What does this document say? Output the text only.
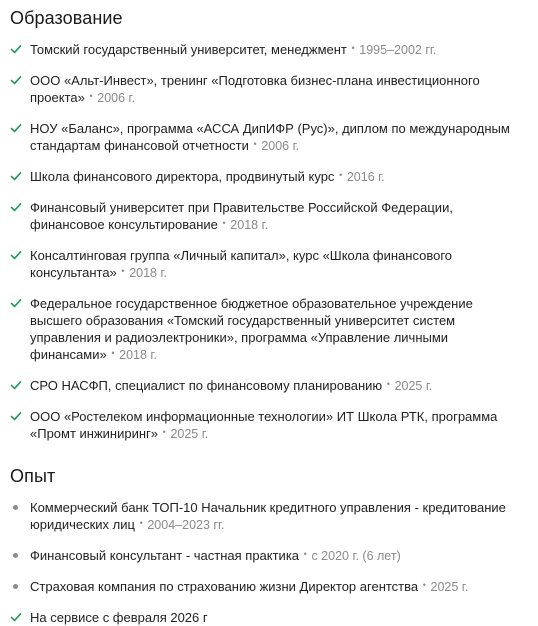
Образование
Томский государственный университет, менеджмент • 1995–2002 гг.
ООО «Альт-Инвест», тренинг «Подготовка бизнес-плана инвестиционного проекта» • 2006 г.
НОУ «Баланс», программа «АССА ДипИФР (Рус)», диплом по международным стандартам финансовой отчетности • 2006 г.
Школа финансового директора, продвинутый курс • 2016 г.
Финансовый университет при Правительстве Российской Федерации, финансовое консультирование • 2018 г.
Консалтинговая группа «Личный капитал», курс «Школа финансового консультанта» • 2018 г.
Федеральное государственное бюджетное образовательное учреждение высшего образования «Томский государственный университет систем управления и радиоэлектроники», программа «Управление личными финансами» • 2018 г.
СРО НАСФП, специалист по финансовому планированию • 2025 г.
ООО «Ростелеком информационные технологии» ИТ Школа РТК, программа «Промт инжиниринг» • 2025 г.
Опыт
Коммерческий банк ТОП-10 Начальник кредитного управления - кредитование юридических лиц • 2004–2023 гг.
Финансовый консультант - частная практика • с 2020 г. (6 лет)
Страховая компания по страхованию жизни Директор агентства • 2025 г.
На сервисе с февраля 2026 г
